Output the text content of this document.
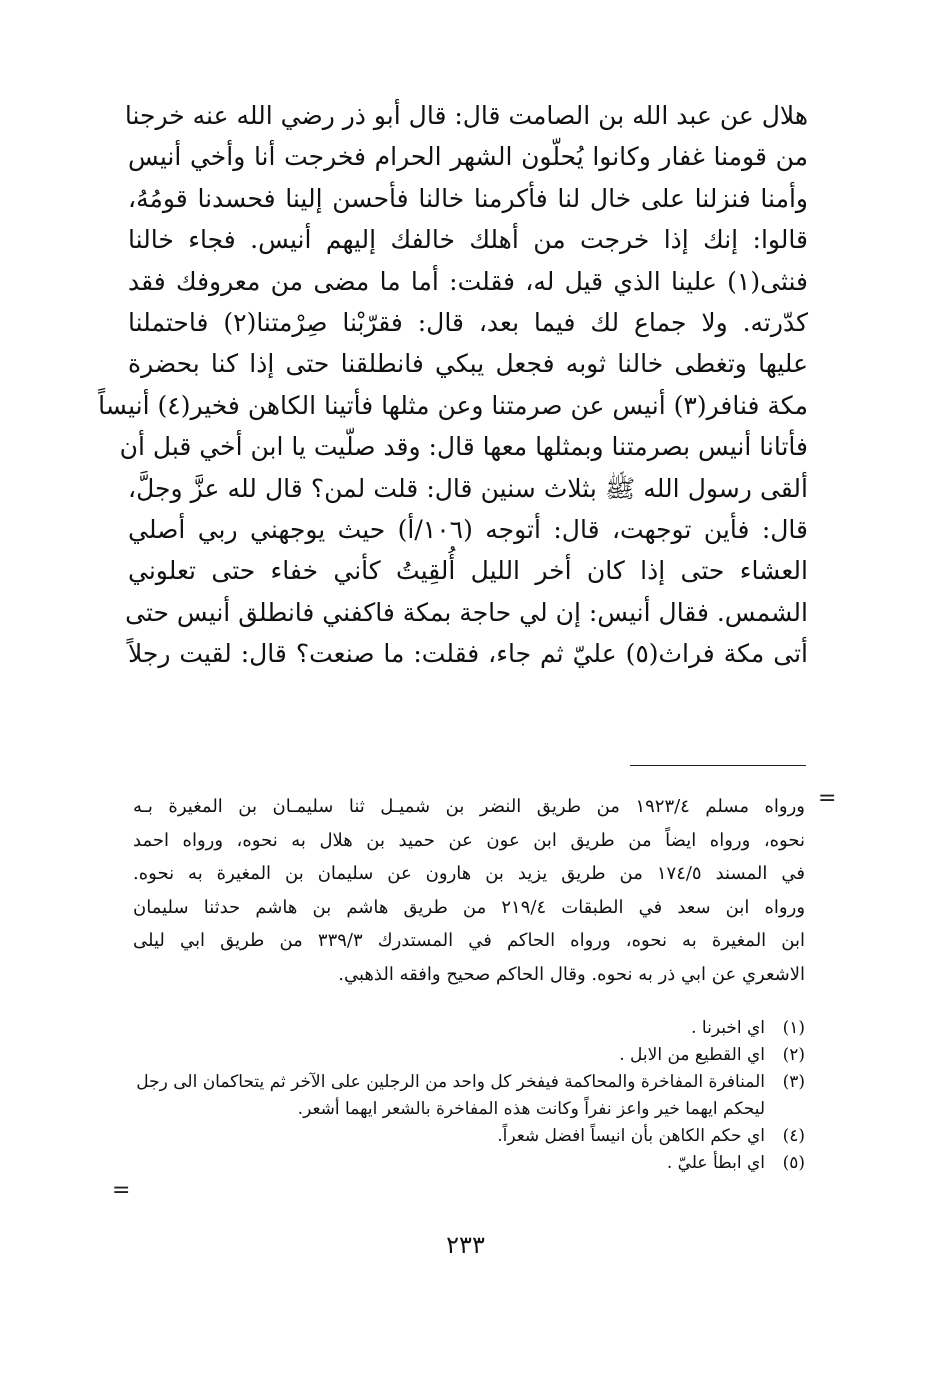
هلال عن عبد الله بن الصامت قال: قال أبو ذر رضي الله عنه خرجنا
من قومنا غفار وكانوا يُحلّون الشهر الحرام فخرجت أنا وأخي أنيس
وأمنا فنزلنا على خال لنا فأكرمنا خالنا فأحسن إلينا فحسدنا قومُهُ،
قالوا: إنك إذا خرجت من أهلك خالفك إليهم أنيس. فجاء خالنا
فنثى(١) علينا الذي قيل له، فقلت: أما ما مضى من معروفك فقد
كدّرته. ولا جماع لك فيما بعد، قال: فقرّبْنا صِرْمتنا(٢) فاحتملنا
عليها وتغطى خالنا ثوبه فجعل يبكي فانطلقنا حتى إذا كنا بحضرة
مكة فنافر(٣) أنيس عن صرمتنا وعن مثلها فأتينا الكاهن فخير(٤) أنيساً
فأتانا أنيس بصرمتنا وبمثلها معها قال: وقد صلّيت يا ابن أخي قبل أن
ألقى رسول الله ﷺ بثلاث سنين قال: قلت لمن؟ قال لله عزَّ وجلَّ،
قال: فأين توجهت، قال: أتوجه (١٠٦/أ) حيث يوجهني ربي أصلي
العشاء حتى إذا كان أخر الليل أُلقِيتُ كأني خفاء حتى تعلوني
الشمس. فقال أنيس: إن لي حاجة بمكة فاكفني فانطلق أنيس حتى
أتى مكة فراث(٥) عليّ ثم جاء، فقلت: ما صنعت؟ قال: لقيت رجلاً
=
ورواه مسلم ١٩٢٣/٤ من طريق النضر بن شميـل ثنا سليمـان بن المغيرة بـه
نحوه، ورواه ايضاً من طريق ابن عون عن حميد بن هلال به نحوه، ورواه احمد
في المسند ١٧٤/٥ من طريق يزيد بن هارون عن سليمان بن المغيرة به نحوه.
ورواه ابن سعد في الطبقات ٢١٩/٤ من طريق هاشم بن هاشم حدثنا سليمان
ابن المغيرة به نحوه، ورواه الحاكم في المستدرك ٣٣٩/٣ من طريق ابي ليلى
الاشعري عن ابي ذر به نحوه. وقال الحاكم صحيح وافقه الذهبي.
(١)
اي اخبرنا .
(٢)
اي القطيع من الابل .
(٣)
المنافرة المفاخرة والمحاكمة فيفخر كل واحد من الرجلين على الآخر ثم يتحاكمان الى رجل
ليحكم ايهما خير واعز نفراً وكانت هذه المفاخرة بالشعر ايهما أشعر.
(٤)
اي حكم الكاهن بأن انيساً افضل شعراً.
(٥)
اي ابطأ عليّ .
=
٢٣٣
